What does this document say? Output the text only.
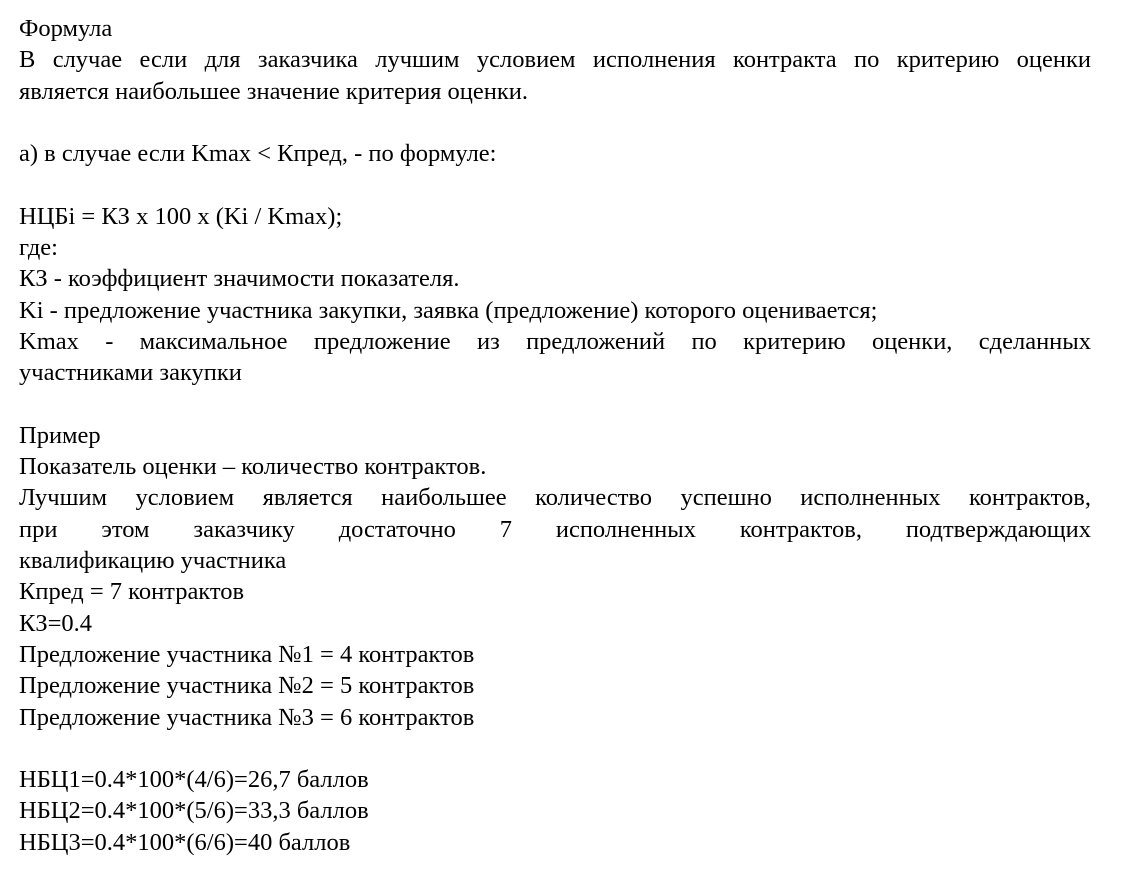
Формула
В случае если для заказчика лучшим условием исполнения контракта по критерию оценки
является наибольшее значение критерия оценки.
а) в случае если Kmax < Кпред, - по формуле:
НЦБi = КЗ x 100 x (Ki / Kmax);
где:
КЗ - коэффициент значимости показателя.
Ki - предложение участника закупки, заявка (предложение) которого оценивается;
Kmax - максимальное предложение из предложений по критерию оценки, сделанных
участниками закупки
Пример
Показатель оценки – количество контрактов.
Лучшим условием является наибольшее количество успешно исполненных контрактов,
при этом заказчику достаточно 7 исполненных контрактов, подтверждающих
квалификацию участника
Кпред = 7 контрактов
КЗ=0.4
Предложение участника №1 = 4 контрактов
Предложение участника №2 = 5 контрактов
Предложение участника №3 = 6 контрактов
НБЦ1=0.4*100*(4/6)=26,7 баллов
НБЦ2=0.4*100*(5/6)=33,3 баллов
НБЦ3=0.4*100*(6/6)=40 баллов
